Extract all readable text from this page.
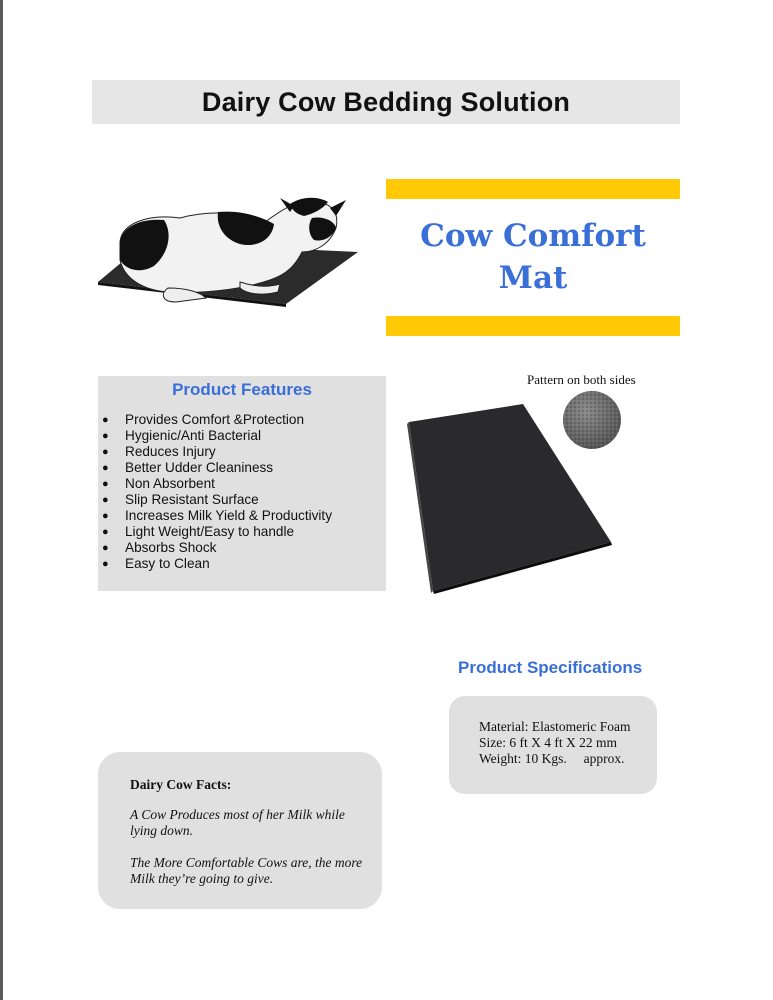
Dairy Cow Bedding Solution
Cow Comfort
Mat
Product Features
● Provides Comfort &Protection
● Hygienic/Anti Bacterial
● Reduces Injury
● Better Udder Cleaniness
● Non Absorbent
● Slip Resistant Surface
● Increases Milk Yield & Productivity
● Light Weight/Easy to handle
● Absorbs Shock
● Easy to Clean
Pattern on both sides
Product Specifications
Material: Elastomeric Foam
Size: 6 ft X 4 ft X 22 mm
Weight: 10 Kgs.     approx.
Dairy Cow Facts:

A Cow Produces most of her Milk while lying down.

The More Comfortable Cows are, the more Milk they’re going to give.
